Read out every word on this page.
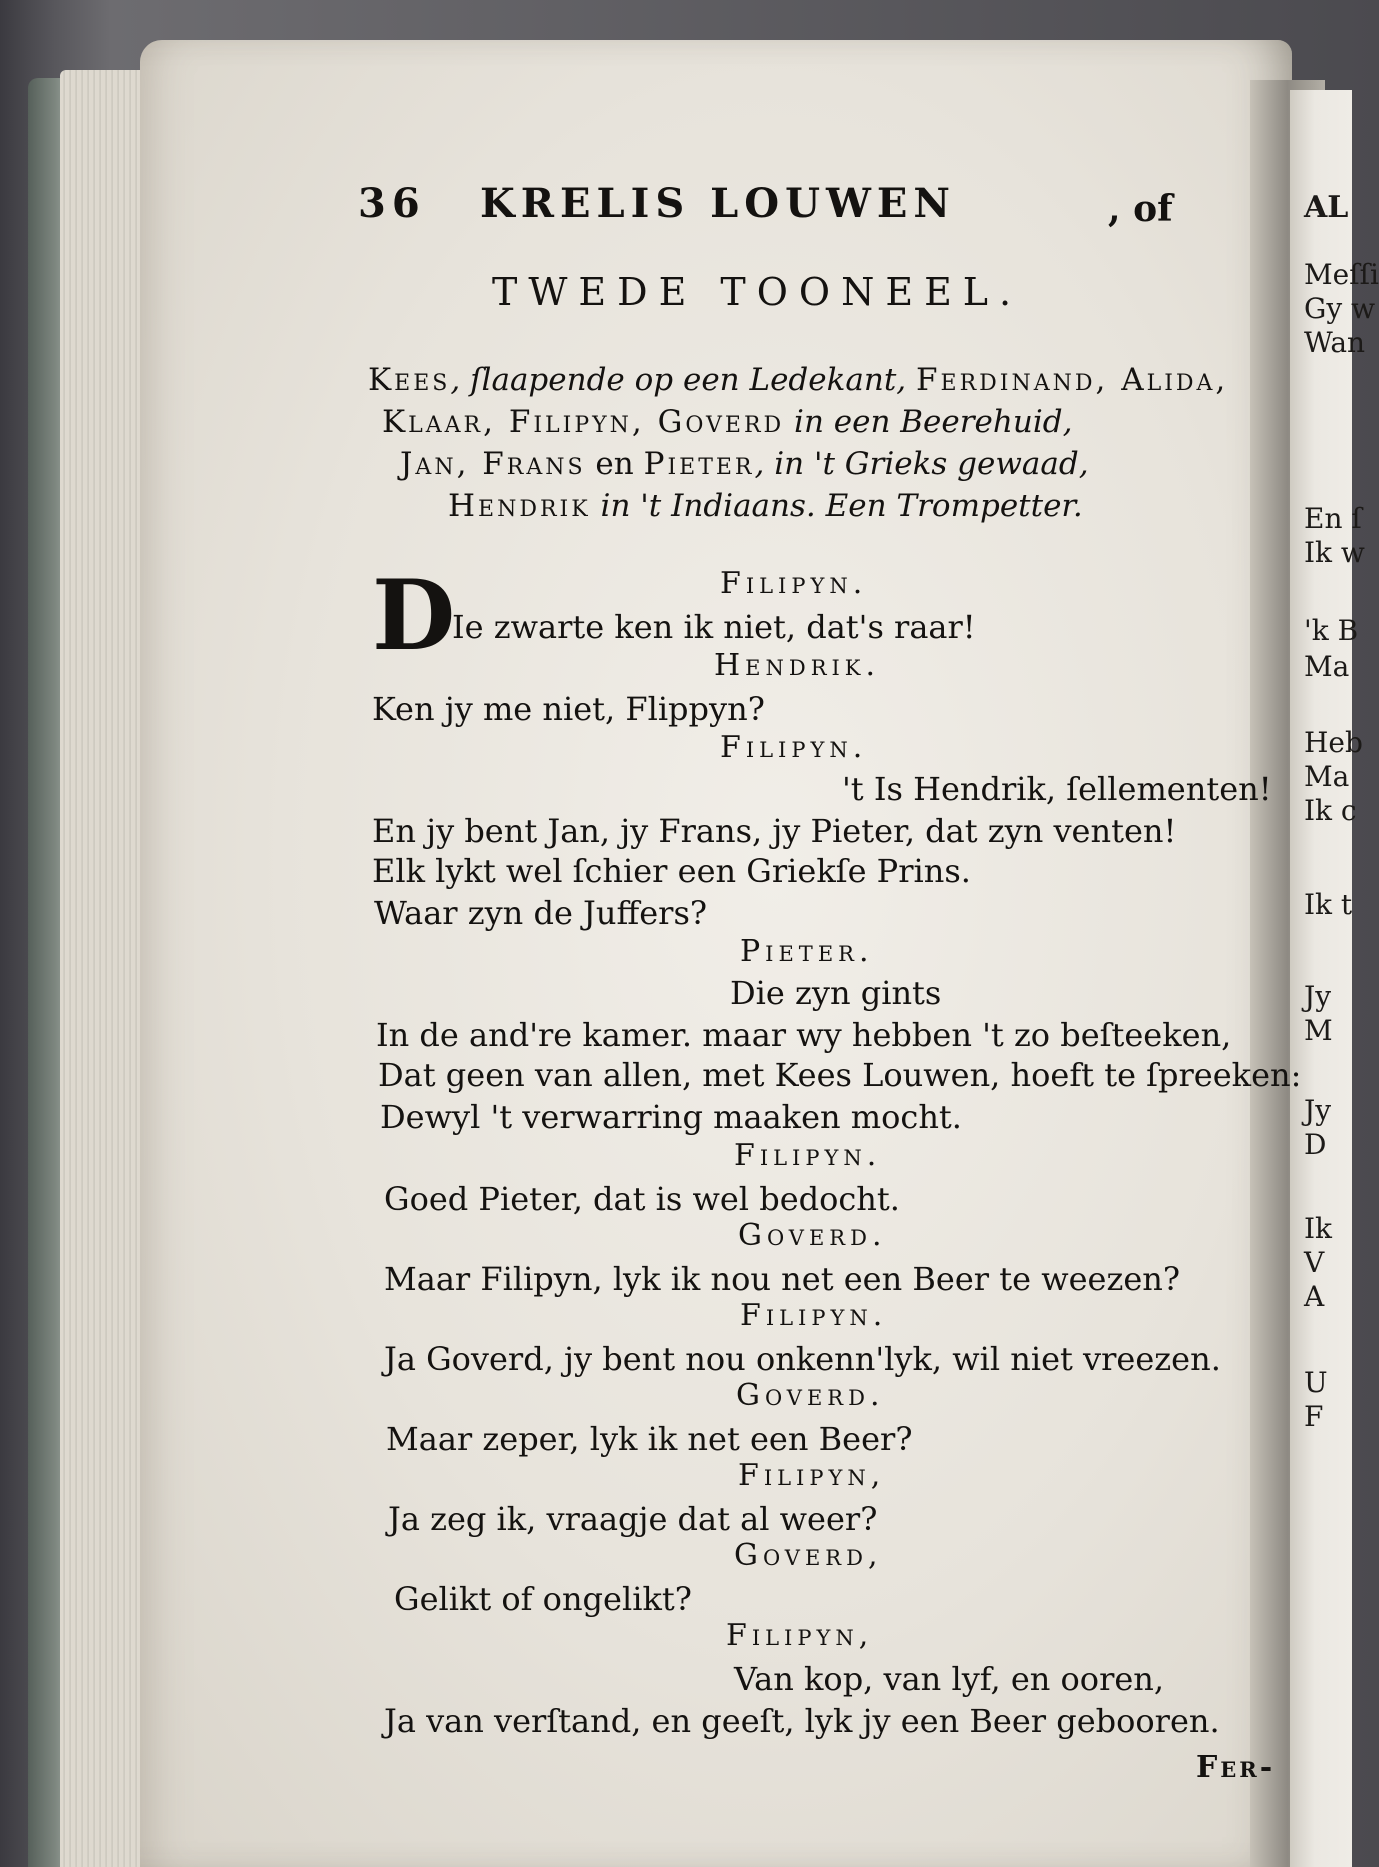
AL
Meſſi
Gy w
Wan
En ſ
Ik w
'k B
Ma
Heb
Ma
Ik c
Ik t
Jy
M
Jy
D
Ik
V
A
U
F
36 KRELIS LOUWEN	, of
TWEDE TOONEEL.
Kees, ſlaapende op een Ledekant, Ferdinand, Alida,
Klaar, Filipyn, Goverd in een Beerehuid,
Jan, Frans en Pieter, in 't Grieks gewaad,
Hendrik in 't Indiaans. Een Trompetter.
D	Filipyn.
Ie zwarte ken ik niet, dat's raar!
Hendrik.
Ken jy me niet, Flippyn?
Filipyn.
't Is Hendrik, ſellementen!
En jy bent Jan, jy Frans, jy Pieter, dat zyn venten!
Elk lykt wel ſchier een Griekſe Prins.
Waar zyn de Juffers?
Pieter.
Die zyn gints
In de and're kamer. maar wy hebben 't zo beſteeken,
Dat geen van allen, met Kees Louwen, hoeft te ſpreeken:
Dewyl 't verwarring maaken mocht.
Filipyn.
Goed Pieter, dat is wel bedocht.
Goverd.
Maar Filipyn, lyk ik nou net een Beer te weezen?
Filipyn.
Ja Goverd, jy bent nou onkenn'lyk, wil niet vreezen.
Goverd.
Maar zeper, lyk ik net een Beer?
Filipyn,
Ja zeg ik, vraagje dat al weer?
Goverd,
Gelikt of ongelikt?
Filipyn,
Van kop, van lyf, en ooren,
Ja van verſtand, en geeſt, lyk jy een Beer gebooren.
Fer-
